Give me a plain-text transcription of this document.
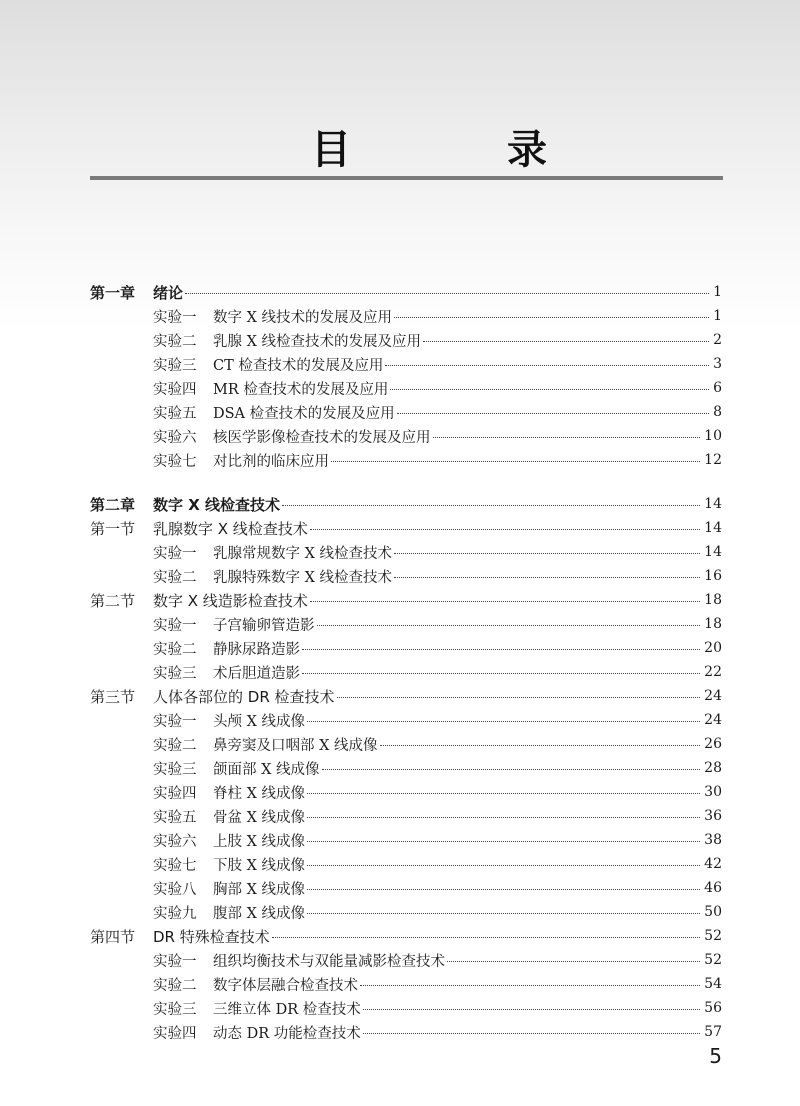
目　录
第一章 绪论	1
实验一 数字 X 线技术的发展及应用	1
实验二 乳腺 X 线检查技术的发展及应用	2
实验三 CT 检查技术的发展及应用	3
实验四 MR 检查技术的发展及应用	6
实验五 DSA 检查技术的发展及应用	8
实验六 核医学影像检查技术的发展及应用	10
实验七 对比剂的临床应用	12
第二章 数字 X 线检查技术	14
第一节 乳腺数字 X 线检查技术	14
实验一 乳腺常规数字 X 线检查技术	14
实验二 乳腺特殊数字 X 线检查技术	16
第二节 数字 X 线造影检查技术	18
实验一 子宫输卵管造影	18
实验二 静脉尿路造影	20
实验三 术后胆道造影	22
第三节 人体各部位的 DR 检查技术	24
实验一 头颅 X 线成像	24
实验二 鼻旁窦及口咽部 X 线成像	26
实验三 颌面部 X 线成像	28
实验四 脊柱 X 线成像	30
实验五 骨盆 X 线成像	36
实验六 上肢 X 线成像	38
实验七 下肢 X 线成像	42
实验八 胸部 X 线成像	46
实验九 腹部 X 线成像	50
第四节 DR 特殊检查技术	52
实验一 组织均衡技术与双能量减影检查技术	52
实验二 数字体层融合检查技术	54
实验三 三维立体 DR 检查技术	56
实验四 动态 DR 功能检查技术	57
5
